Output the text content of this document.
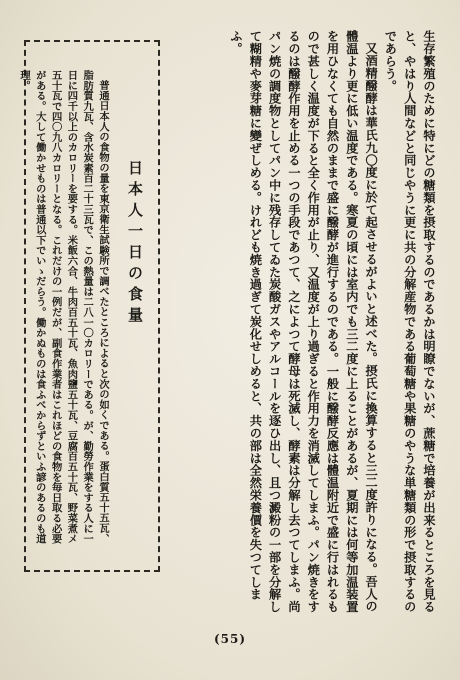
生存繁殖のために特にどの糖類を摂取するのであるかは明瞭でないが、蔗糖で培養が出来るところを見ると、やはり人間などと同じやうに更に共の分解産物である葡萄糖や果糖のやうな単糖類の形で摂取するのであらう。

又酒精醱酵は華氏九〇度に於て起させるがよいと述べた。摂氏に換算すると三二度許りになる。吾人の體温より更に低い温度である。寒夏の頃には室内でも三二度に上ることがあるが、夏期には何等加温装置を用ひなくても自然のままで盛に醱酵が進行するのである。一般に醱酵反應は體温附近で盛に行はれるもので甚しく温度が下ると全く作用が止り、又温度が上り過ぎると作用力を消滅してしまふ。パン焼きをするのは醱酵作用を止める一つの手段であつて、之によつて酵母は死滅し、酵素は分解し去つてしまふ。尚パン焼の調度物としてパン中に残存してゐた炭酸ガスやアルコールを逐ひ出し、且つ澱粉の一部を分解して糊精や麥芽糖に變ぜしめる。けれども焼き過ぎて炭化せしめると、共の部は全然栄養價を失つてしまふ。

日本人一日の食量

普通日本人の食物の量を東京衛生試験所で調べたところによると次の如くである。蛋白質五十五瓦、脂肪質九瓦、含水炭素百二十三瓦で、この熱量は二八一〇カロリーである。が、勤勞作業をする人に一日に四千以上のカロリーを要する。米飯六合、牛肉百五十瓦、魚肉鹽五十瓦、豆腐百五十瓦、野菜煮メ五十瓦で四〇九八カロリーとなる。これだけの一例だが、副食作業者はこれほどの食物を毎日取る必要がある。大して働かせものは普通以下でいゝだらう。働かぬものは食ふべからずといふ諺のあるのも道理。

(55)
